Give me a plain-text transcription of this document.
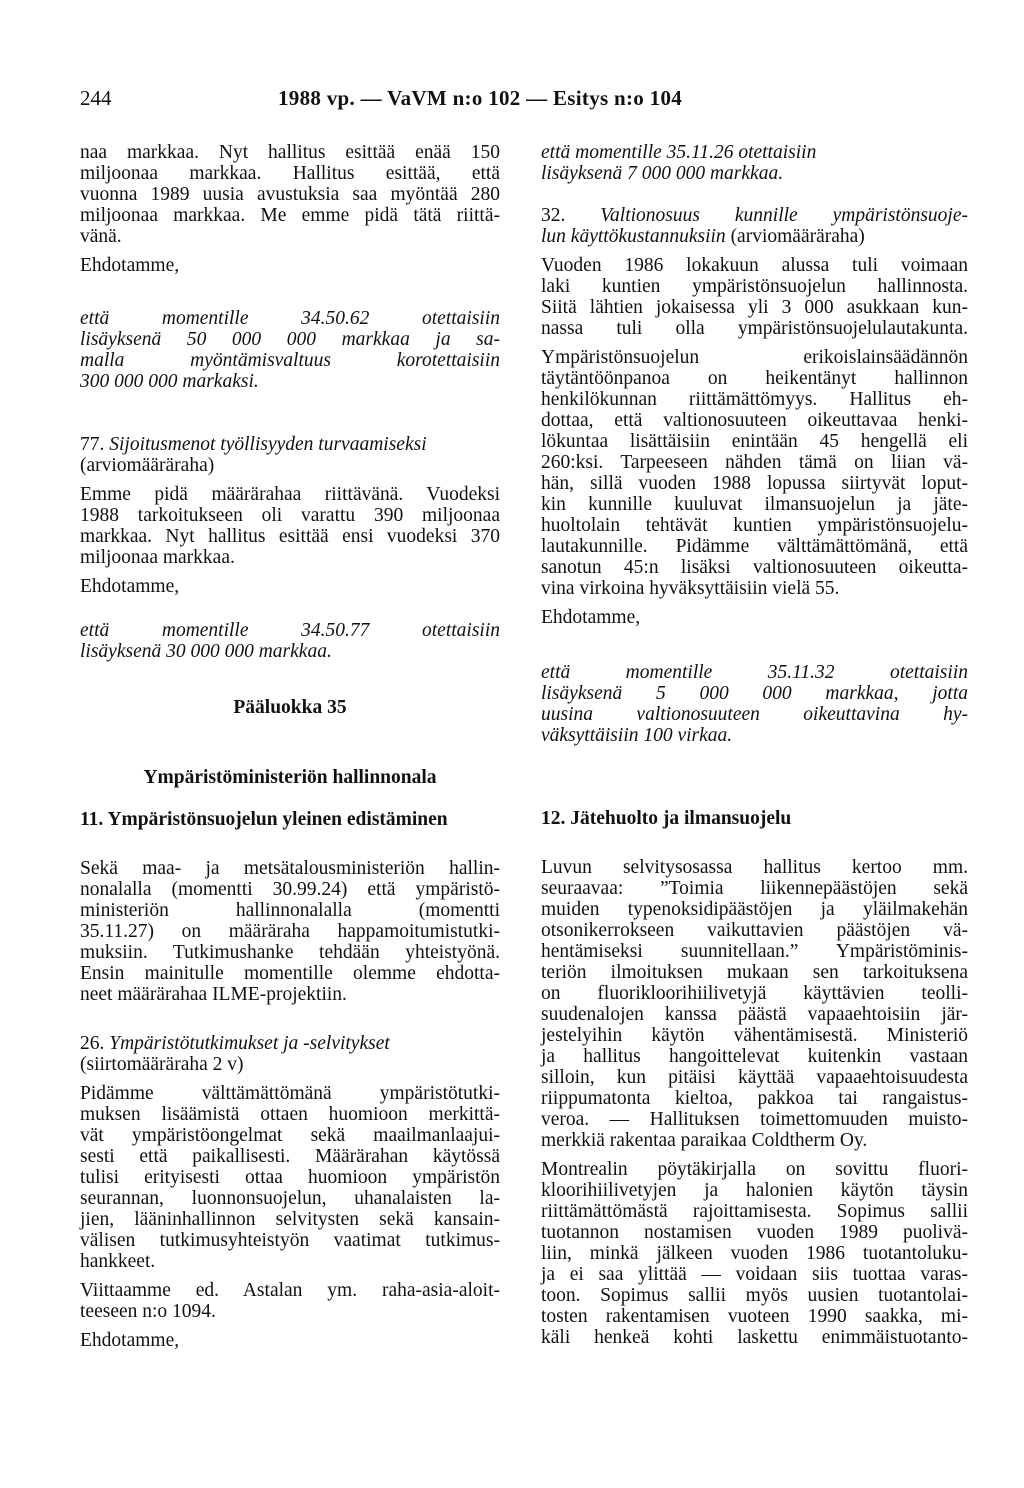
244	1988 vp. — VaVM n:o 102 — Esitys n:o 104
naa markkaa. Nyt hallitus esittää enää 150
miljoonaa markkaa. Hallitus esittää, että
vuonna 1989 uusia avustuksia saa myöntää 280
miljoonaa markkaa. Me emme pidä tätä riittä-
vänä.
Ehdotamme,
että momentille 34.50.62 otettaisiin
lisäyksenä 50 000 000 markkaa ja sa-
malla myöntämisvaltuus korotettaisiin
300 000 000 markaksi.
77. Sijoitusmenot työllisyyden turvaamiseksi
(arviomääräraha)
Emme pidä määrärahaa riittävänä. Vuodeksi
1988 tarkoitukseen oli varattu 390 miljoonaa
markkaa. Nyt hallitus esittää ensi vuodeksi 370
miljoonaa markkaa.
Ehdotamme,
että momentille 34.50.77 otettaisiin
lisäyksenä 30 000 000 markkaa.
Pääluokka 35
Ympäristöministeriön hallinnonala
11. Ympäristönsuojelun yleinen edistäminen
Sekä maa- ja metsätalousministeriön hallin-
nonalalla (momentti 30.99.24) että ympäristö-
ministeriön hallinnonalalla (momentti
35.11.27) on määräraha happamoitumistutki-
muksiin. Tutkimushanke tehdään yhteistyönä.
Ensin mainitulle momentille olemme ehdotta-
neet määrärahaa ILME-projektiin.
26. Ympäristötutkimukset ja -selvitykset
(siirtomääräraha 2 v)
Pidämme välttämättömänä ympäristötutki-
muksen lisäämistä ottaen huomioon merkittä-
vät ympäristöongelmat sekä maailmanlaajui-
sesti että paikallisesti. Määrärahan käytössä
tulisi erityisesti ottaa huomioon ympäristön
seurannan, luonnonsuojelun, uhanalaisten la-
jien, lääninhallinnon selvitysten sekä kansain-
välisen tutkimusyhteistyön vaatimat tutkimus-
hankkeet.
Viittaamme ed. Astalan ym. raha-asia-aloit-
teeseen n:o 1094.
Ehdotamme,
että momentille 35.11.26 otettaisiin
lisäyksenä 7 000 000 markkaa.
32. Valtionosuus kunnille ympäristönsuoje-
lun käyttökustannuksiin (arviomääräraha)
Vuoden 1986 lokakuun alussa tuli voimaan
laki kuntien ympäristönsuojelun hallinnosta.
Siitä lähtien jokaisessa yli 3 000 asukkaan kun-
nassa tuli olla ympäristönsuojelulautakunta.
Ympäristönsuojelun erikoislainsäädännön
täytäntöönpanoa on heikentänyt hallinnon
henkilökunnan riittämättömyys. Hallitus eh-
dottaa, että valtionosuuteen oikeuttavaa henki-
lökuntaa lisättäisiin enintään 45 hengellä eli
260:ksi. Tarpeeseen nähden tämä on liian vä-
hän, sillä vuoden 1988 lopussa siirtyvät loput-
kin kunnille kuuluvat ilmansuojelun ja jäte-
huoltolain tehtävät kuntien ympäristönsuojelu-
lautakunnille. Pidämme välttämättömänä, että
sanotun 45:n lisäksi valtionosuuteen oikeutta-
vina virkoina hyväksyttäisiin vielä 55.
Ehdotamme,
että momentille 35.11.32 otettaisiin
lisäyksenä 5 000 000 markkaa, jotta
uusina valtionosuuteen oikeuttavina hy-
väksyttäisiin 100 virkaa.
12. Jätehuolto ja ilmansuojelu
Luvun selvitysosassa hallitus kertoo mm.
seuraavaa: ”Toimia liikennepäästöjen sekä
muiden typenoksidipäästöjen ja yläilmakehän
otsonikerrokseen vaikuttavien päästöjen vä-
hentämiseksi suunnitellaan.” Ympäristöminis-
teriön ilmoituksen mukaan sen tarkoituksena
on fluorikloorihiilivetyjä käyttävien teolli-
suudenalojen kanssa päästä vapaaehtoisiin jär-
jestelyihin käytön vähentämisestä. Ministeriö
ja hallitus hangoittelevat kuitenkin vastaan
silloin, kun pitäisi käyttää vapaaehtoisuudesta
riippumatonta kieltoa, pakkoa tai rangaistus-
veroa. — Hallituksen toimettomuuden muisto-
merkkiä rakentaa paraikaa Coldtherm Oy.
Montrealin pöytäkirjalla on sovittu fluori-
kloorihiilivetyjen ja halonien käytön täysin
riittämättömästä rajoittamisesta. Sopimus sallii
tuotannon nostamisen vuoden 1989 puolivä-
liin, minkä jälkeen vuoden 1986 tuotantoluku-
ja ei saa ylittää — voidaan siis tuottaa varas-
toon. Sopimus sallii myös uusien tuotantolai-
tosten rakentamisen vuoteen 1990 saakka, mi-
käli henkeä kohti laskettu enimmäistuotanto-
